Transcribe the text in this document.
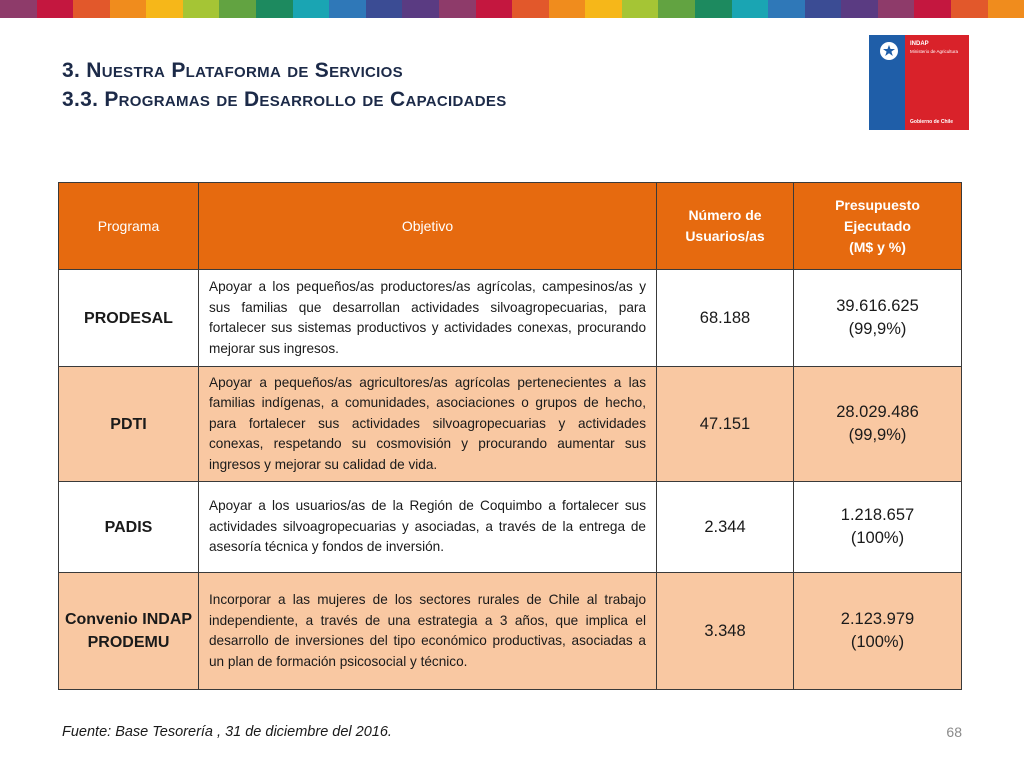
3. Nuestra Plataforma de Servicios
3.3. Programas de Desarrollo de Capacidades
INDAP
Ministerio de Agricultura
Gobierno de Chile
Programa	Objetivo	Número de Usuarios/as	Presupuesto Ejecutado
(M$ y %)
PRODESAL	Apoyar a los pequeños/as productores/as agrícolas, campesinos/as y sus familias que desarrollan actividades silvoagropecuarias, para fortalecer sus sistemas productivos y actividades conexas, procurando mejorar sus ingresos.	68.188	39.616.625
(99,9%)
PDTI	Apoyar a pequeños/as agricultores/as agrícolas pertenecientes a las familias indígenas, a comunidades, asociaciones o grupos de hecho, para fortalecer sus actividades silvoagropecuarias y actividades conexas, respetando su cosmovisión y procurando aumentar sus ingresos y mejorar su calidad de vida.	47.151	28.029.486
(99,9%)
PADIS	Apoyar a los usuarios/as de la Región de Coquimbo a fortalecer sus actividades silvoagropecuarias y asociadas, a través de la entrega de asesoría técnica y fondos de inversión.	2.344	1.218.657
(100%)
Convenio INDAP PRODEMU	Incorporar a las mujeres de los sectores rurales de Chile al trabajo independiente, a través de una estrategia a 3 años, que implica el desarrollo de inversiones del tipo económico productivas, asociadas a un plan de formación psicosocial y técnico.	3.348	2.123.979
(100%)
Fuente: Base Tesorería , 31 de diciembre del 2016.	68
